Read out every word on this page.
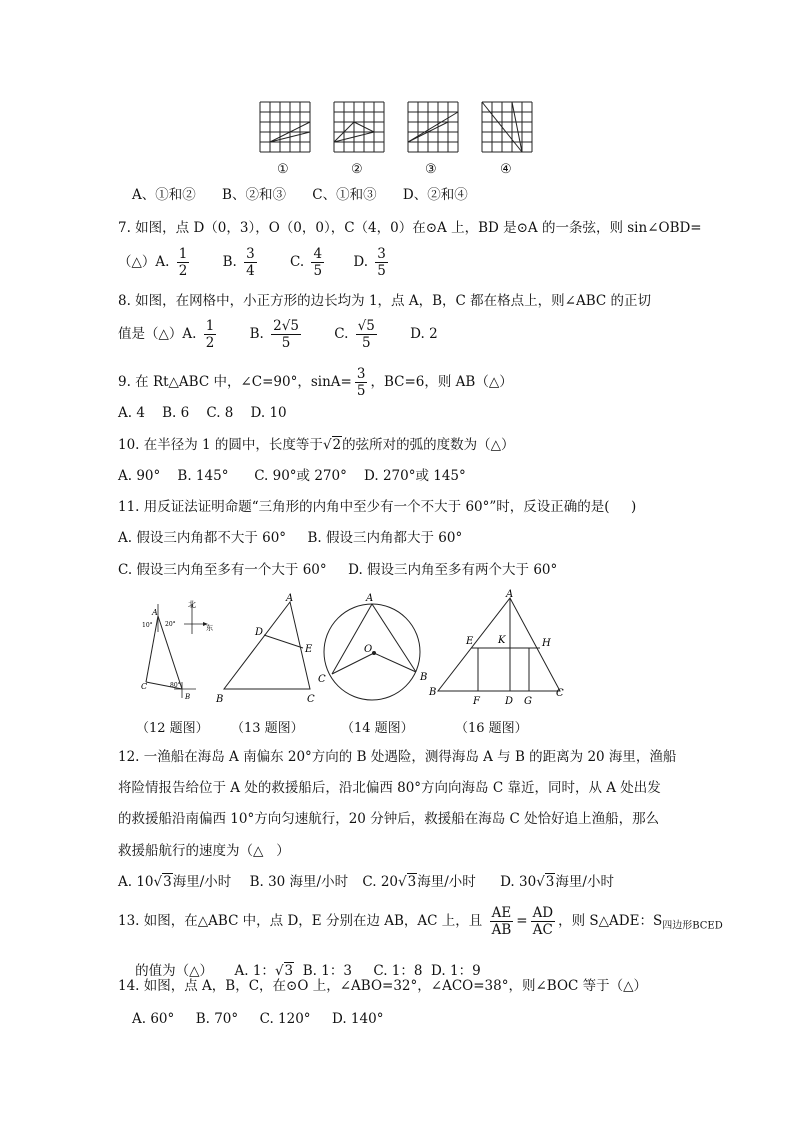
①	②	③	④
A、①和② B、②和③ C、①和③ D、②和④
7. 如图，点 D（0，3），O（0，0），C（4，0）在⊙A 上，BD 是⊙A 的一条弦，则 sin∠OBD=
（△）A. $\frac{1}{2} B$. $\frac{3}{4} C$. $\frac{4}{5} D$. $\frac{3}{5}$
8. 如图，在网格中，小正方形的边长均为 1，点 A，B，C 都在格点上，则∠ABC 的正切
值是（△）A. $\frac{1}{2} B$. $\frac{2√5}{5} C$. $\frac{√5}{5} D$. 2
9. 在 Rt△ABC 中，∠C=90°，$\sin A= \frac{3}{5}$ ，BC=6，则 AB（△）
A. 4    B. 6    C. 8    D. 10
10. 在半径为 1 的圆中，长度等于√2的弦所对的弧的度数为（△）
A. 90°    B. 145°      C. 90°或 270°    D. 270°或 145°
11. 用反证法证明命题“三角形的内角中至少有一个不大于 60°”时，反设正确的是(     )
A. 假设三内角都不大于 60°     B. 假设三内角都大于 60°
C. 假设三内角至多有一个大于 60°     D. 假设三内角至多有两个大于 60°
北
东
A
10° 20°
C	80°
B
A
D
E
B	C
A
O
C	B
A
E K	H
B
F	D G
C
（12 题图） （13 题图）	（14 题图）	（16 题图）
12. 一渔船在海岛 A 南偏东 20°方向的 B 处遇险，测得海岛 A 与 B 的距离为 20 海里，渔船
将险情报告给位于 A 处的救援船后，沿北偏西 80°方向向海岛 C 靠近，同时，从 A 处出发
的救援船沿南偏西 10°方向匀速航行，20 分钟后，救援船在海岛 C 处恰好追上渔船，那么
救援船航行的速度为（△   ）
A. 10√3海里/小时 B. 30 海里/小时 C. 20√3海里/小时 D. 30√3海里/小时
13. 如图，在△ABC 中，点 D，E 分别在边 AB，AC 上，且 $\frac{AE}{AB} = \frac{AD}{AC}$ ，则 S△ADE：$S_{四边形BCED}$

的值为（△）     A. 1：√3  B. 1：3     C. 1：8  D. 1：9

14. 如图，点 A，B，C，在⊙O 上，∠ABO=32°，∠ACO=38°，则∠BOC 等于（△）
A. 60°     B. 70°     C. 120°     D. 140°
